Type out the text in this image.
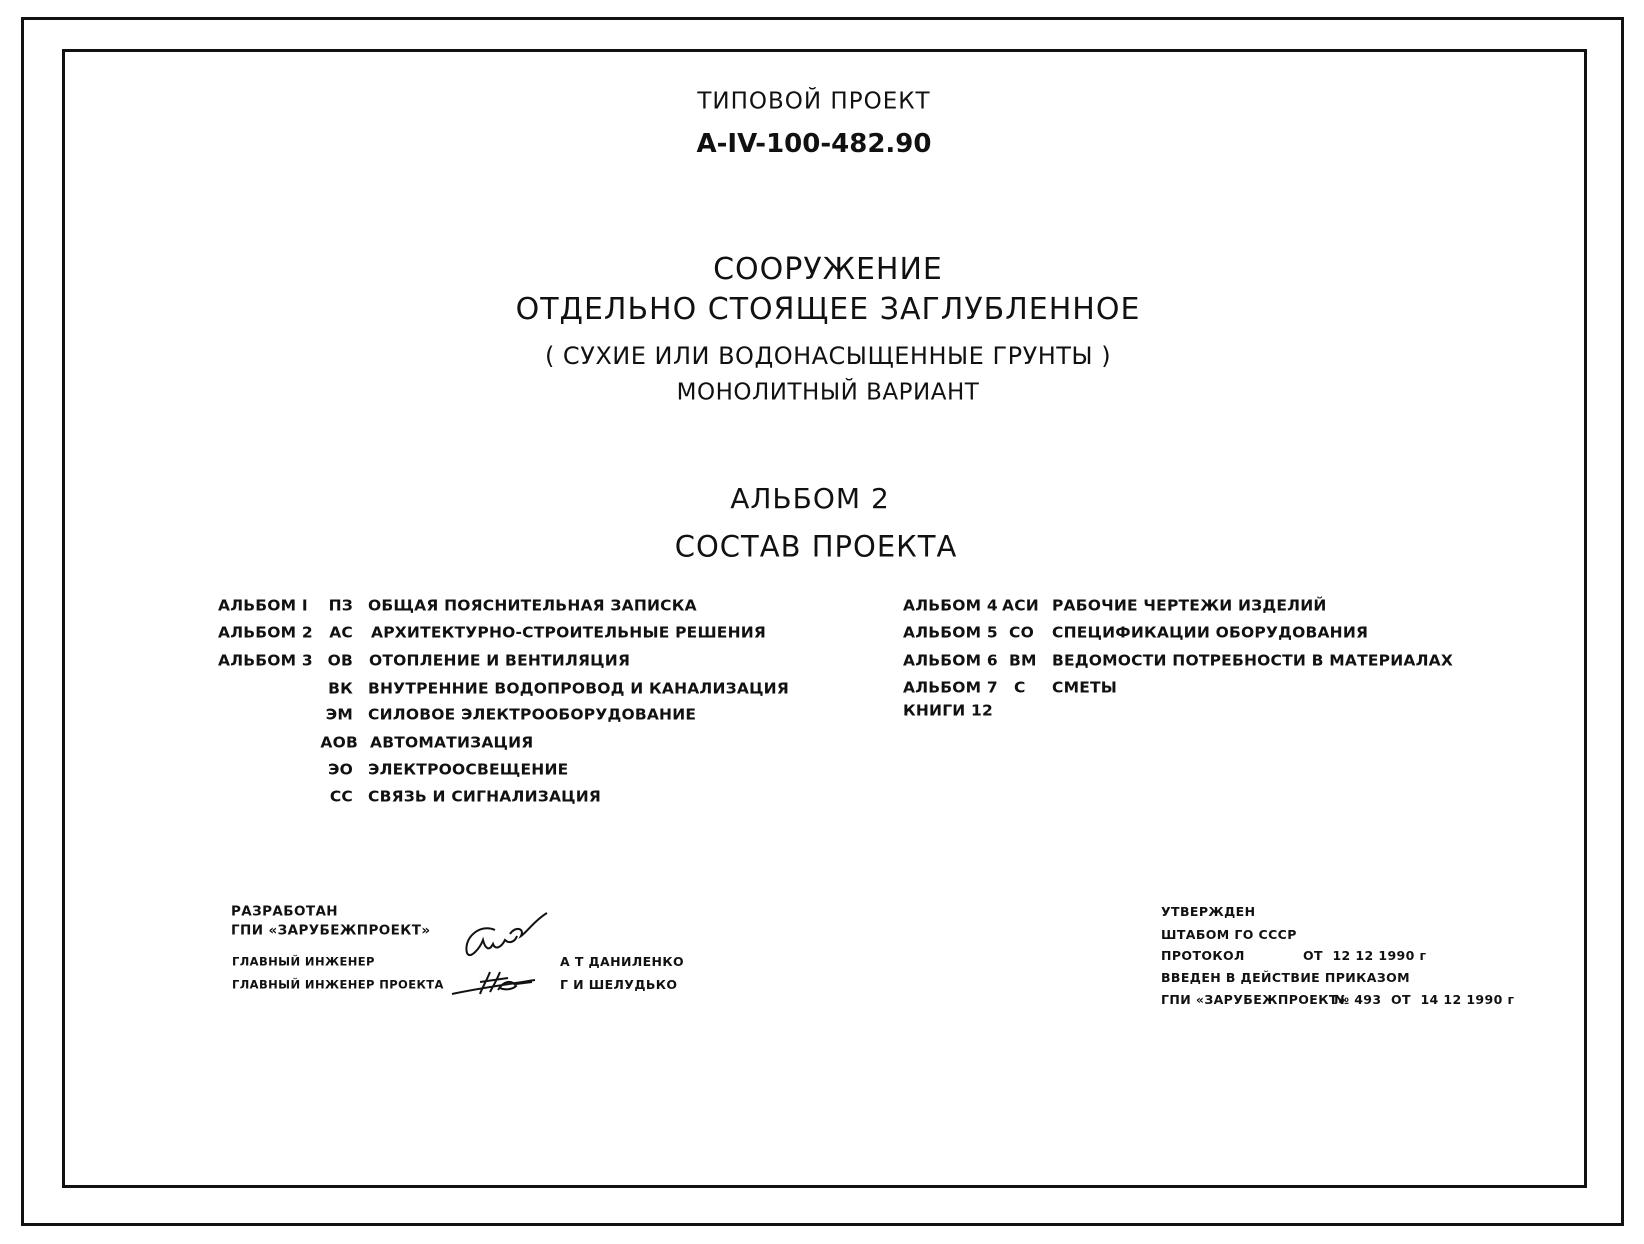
ТИПОВОЙ ПРОЕКТ
А-IV-100-482.90
СООРУЖЕНИЕ
ОТДЕЛЬНО СТОЯЩЕЕ ЗАГЛУБЛЕННОЕ
( СУХИЕ ИЛИ ВОДОНАСЫЩЕННЫЕ ГРУНТЫ )
МОНОЛИТНЫЙ ВАРИАНТ
АЛЬБОМ 2
СОСТАВ ПРОЕКТА
АЛЬБОМ I	ПЗ ОБЩАЯ ПОЯСНИТЕЛЬНАЯ ЗАПИСКА
АЛЬБОМ 2	АС АРХИТЕКТУРНО-СТРОИТЕЛЬНЫЕ РЕШЕНИЯ
АЛЬБОМ 3 ОВ ОТОПЛЕНИЕ И ВЕНТИЛЯЦИЯ
ВК ВНУТРЕННИЕ ВОДОПРОВОД И КАНАЛИЗАЦИЯ
ЭМ СИЛОВОЕ ЭЛЕКТРООБОРУДОВАНИЕ
АОВ АВТОМАТИЗАЦИЯ
ЭО ЭЛЕКТРООСВЕЩЕНИЕ
СС СВЯЗЬ И СИГНАЛИЗАЦИЯ
АЛЬБОМ 4 АСИ РАБОЧИЕ ЧЕРТЕЖИ ИЗДЕЛИЙ
АЛЬБОМ 5 СО СПЕЦИФИКАЦИИ ОБОРУДОВАНИЯ
АЛЬБОМ 6 ВМ ВЕДОМОСТИ ПОТРЕБНОСТИ В МАТЕРИАЛАХ
АЛЬБОМ 7 С СМЕТЫ
КНИГИ 12
РАЗРАБОТАН
ГПИ «ЗАРУБЕЖПРОЕКТ»
ГЛАВНЫЙ ИНЖЕНЕР
ГЛАВНЫЙ ИНЖЕНЕР ПРОЕКТА
А Т ДАНИЛЕНКО
Г И ШЕЛУДЬКО
УТВЕРЖДЕН
ШТАБОМ ГО СССР
ПРОТОКОЛ	ОТ  12 12 1990 г
ВВЕДЕН В ДЕЙСТВИЕ ПРИКАЗОМ
ГПИ «ЗАРУБЕЖПРОЕКТ»
№ 493  ОТ  14 12 1990 г
